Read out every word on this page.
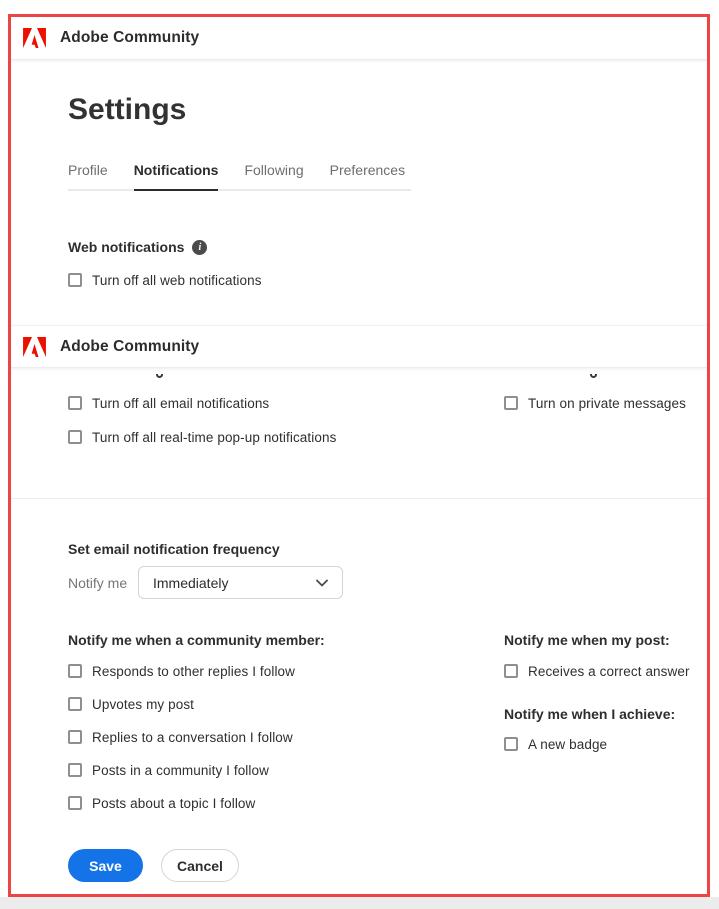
Adobe Community
Settings
Profile Notifications Following Preferences
Web notifications	i
Turn off all web notifications
Adobe Community
Turn off all email notifications	Turn on private messages
Turn off all real-time pop-up notifications
Set email notification frequency
Notify me Immediately
Notify me when a community member:
Responds to other replies I follow
Upvotes my post
Replies to a conversation I follow
Posts in a community I follow
Posts about a topic I follow
Notify me when my post:
Receives a correct answer
Notify me when I achieve:
A new badge
Save	Cancel
